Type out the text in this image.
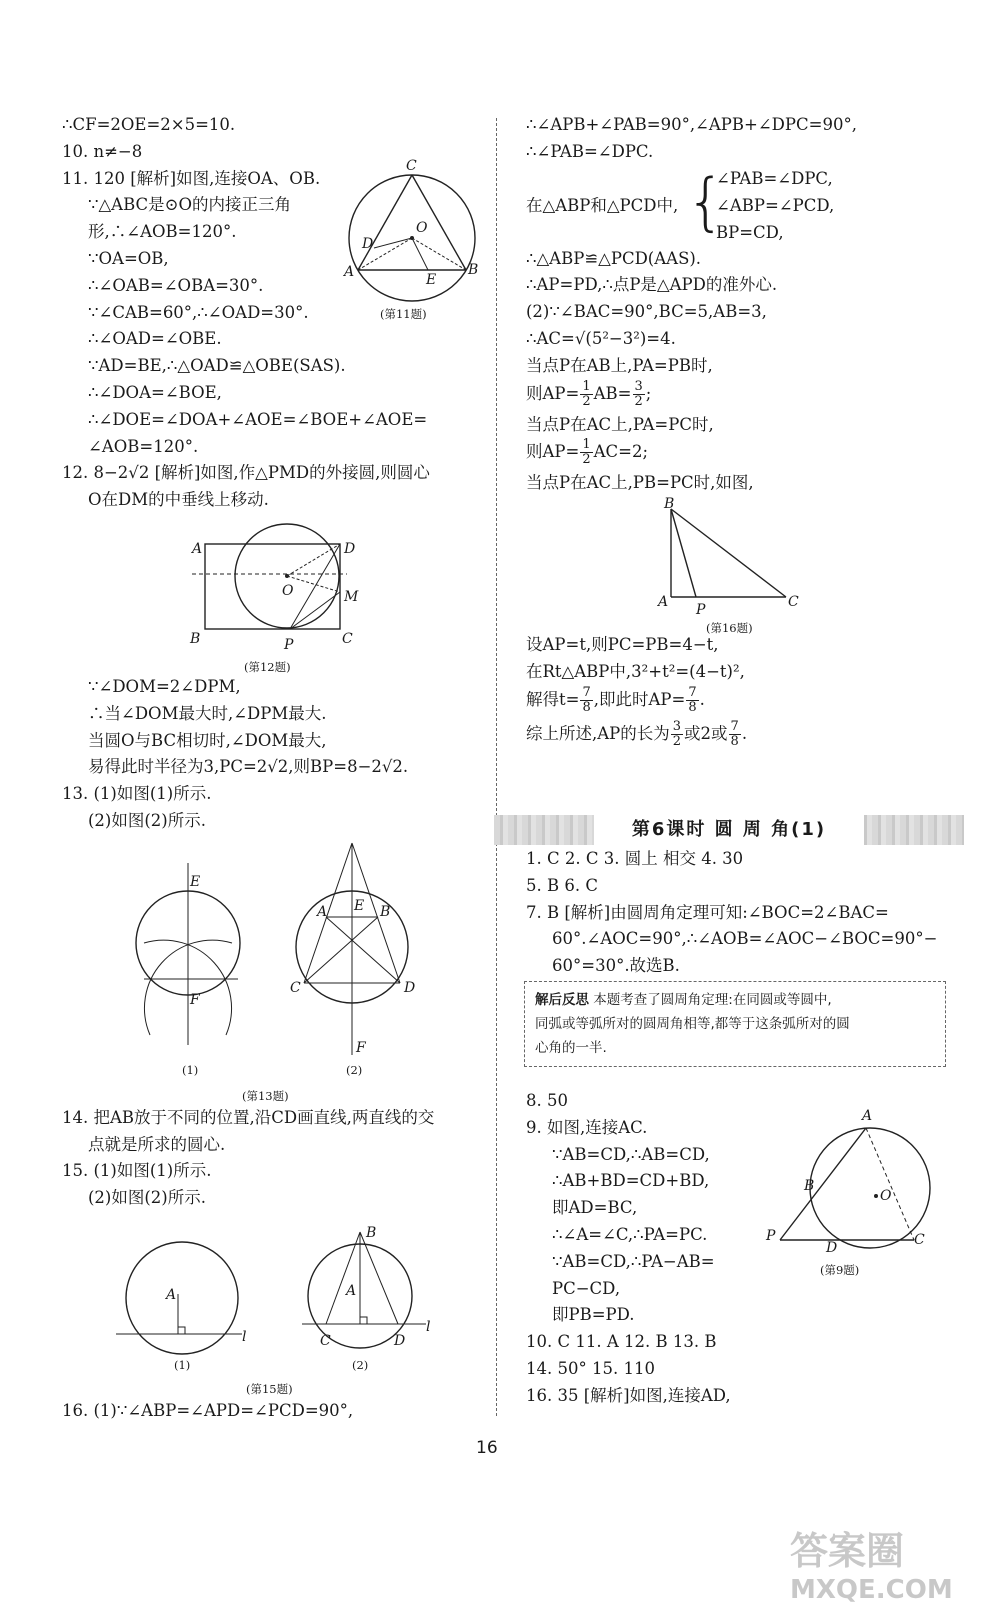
∴CF=2OE=2×5=10.
10. n≠−8
11. 120 [解析]如图,连接OA、OB.
∵△ABC是⊙O的内接正三角
形,∴∠AOB=120°.
∵OA=OB,
∴∠OAB=∠OBA=30°.
∵∠CAB=60°,∴∠OAD=30°.
∴∠OAD=∠OBE.
∵AD=BE,∴△OAD≌△OBE(SAS).
∴∠DOA=∠BOE,
∴∠DOE=∠DOA+∠AOE=∠BOE+∠AOE=
∠AOB=120°.
12. 8−2√2 [解析]如图,作△PMD的外接圆,则圆心
O在DM的中垂线上移动.
A	D
O	M
B	P	C
(第12题)
∵∠DOM=2∠DPM,
∴当∠DOM最大时,∠DPM最大.
当圆O与BC相切时,∠DOM最大,
易得此时半径为3,PC=2√2,则BP=8−2√2.
13. (1)如图(1)所示.
(2)如图(2)所示.
E
F
A E B
C	D
F
(1)	(2)
(第13题)
14. 把AB放于不同的位置,沿CD画直线,两直线的交
点就是所求的圆心.
15. (1)如图(1)所示.
(2)如图(2)所示.
A
l
B
A
C	D
l
(1)	(2)
(第15题)
16. (1)∵∠ABP=∠APD=∠PCD=90°,
C
O
D
A	E
B
(第11题)
∴∠APB+∠PAB=90°,∠APB+∠DPC=90°,
∴∠PAB=∠DPC.
在△ABP和△PCD中, {
∠PAB=∠DPC,
∠ABP=∠PCD,
BP=CD,
∴△ABP≌△PCD(AAS).
∴AP=PD,∴点P是△APD的准外心.
(2)∵∠BAC=90°,BC=5,AB=3,
∴AC=√(5²−3²)=4.
当点P在AB上,PA=PB时,
则$AP= \frac{1}{2} AB= \frac{3}{2}$ ;
当点P在AC上,PA=PC时,
则$AP= \frac{1}{2} AC=2$;
当点P在AC上,PB=PC时,如图,
B
A P	C
(第16题)
设AP=t,则PC=PB=4−t,
在Rt△ABP中,3²+t²=(4−t)²,
解得$t= \frac{7}{8}$ ,即此时$AP= \frac{7}{8}$ .
综上所述,AP的长为 $\frac{3}{2}$ 或2或 $\frac{7}{8}$ .
第6课时 圆 周 角(1)
1. C 2. C 3. 圆上 相交 4. 30
5. B 6. C
7. B [解析]由圆周角定理可知:∠BOC=2∠BAC=
60°.∠AOC=90°,∴∠AOB=∠AOC−∠BOC=90°−
60°=30°.故选B.
解后反思 本题考查了圆周角定理:在同圆或等圆中,
同弧或等弧所对的圆周角相等,都等于这条弧所对的圆
心角的一半.
8. 50
9. 如图,连接AC.
∵AB=CD,∴AB=CD,
∴AB+BD=CD+BD,
即AD=BC,
∴∠A=∠C,∴PA=PC.
∵AB=CD,∴PA−AB=
PC−CD,
即PB=PD.
10. C 11. A 12. B 13. B
14. 50° 15. 110
16. 35 [解析]如图,连接AD,
A
B
O
P
D	C
(第9题)
16
答案圈
MXQE.COM
